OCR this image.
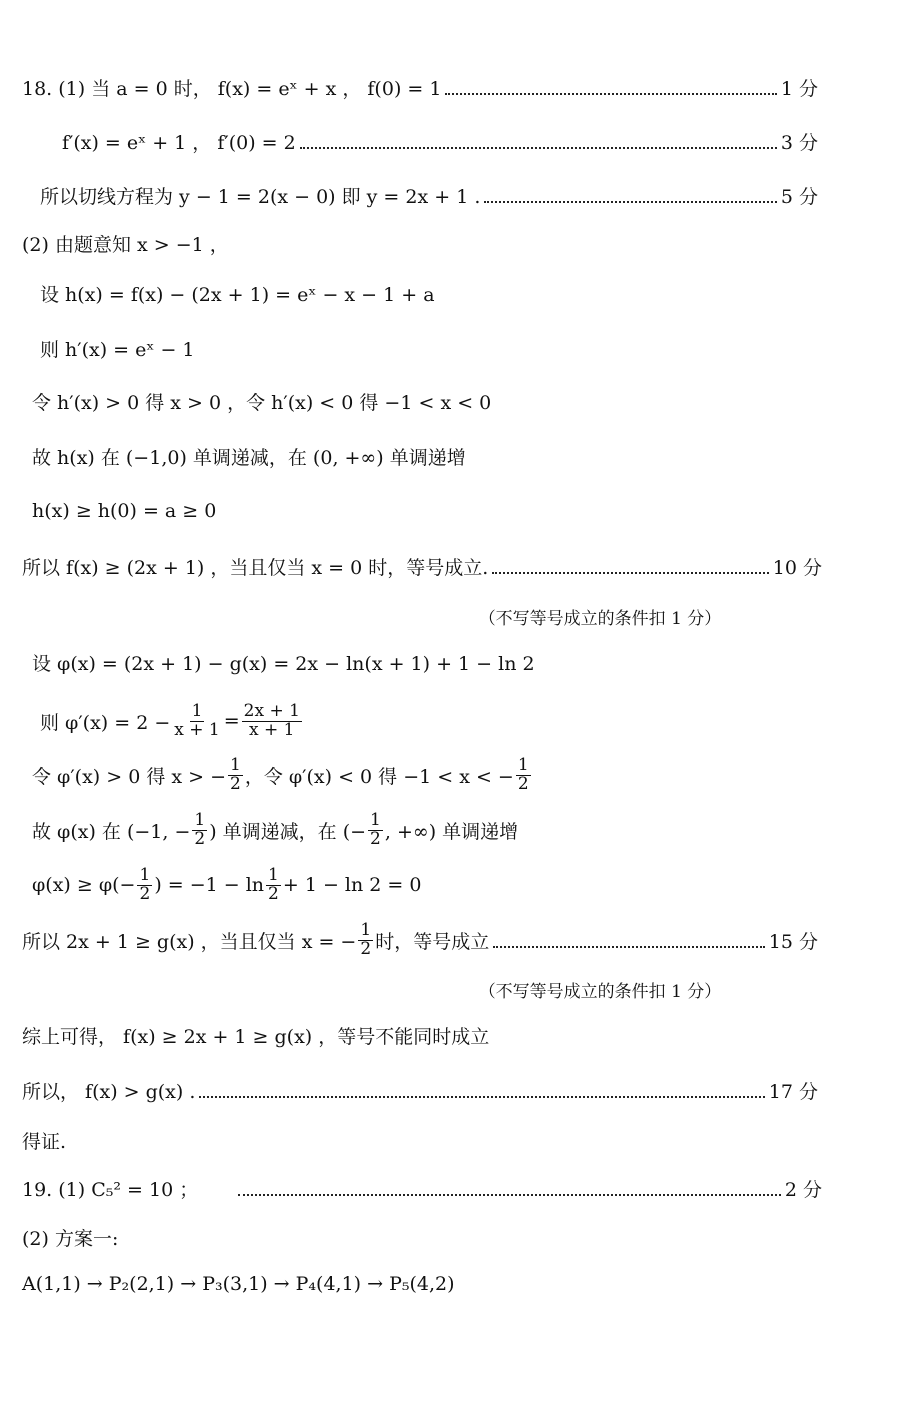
18. (1) 当 a = 0 时， f(x) = eˣ + x ， f(0) = 1	1 分
f′(x) = eˣ + 1 ， f′(0) = 2	3 分
所以切线方程为 y − 1 = 2(x − 0) 即 y = 2x + 1 .	5 分
(2) 由题意知 x > −1 ，
设 h(x) = f(x) − (2x + 1) = eˣ − x − 1 + a
则 h′(x) = eˣ − 1
令 h′(x) > 0 得 x > 0 ，令 h′(x) < 0 得 −1 < x < 0
故 h(x) 在 (−1,0) 单调递减，在 (0, +∞) 单调递增
h(x) ≥ h(0) = a ≥ 0
所以 f(x) ≥ (2x + 1) ，当且仅当 x = 0 时，等号成立.	10 分
（不写等号成立的条件扣 1 分）
设 φ(x) = (2x + 1) − g(x) = 2x − ln(x + 1) + 1 − ln 2
则 $\varphi'(x) = 2 - \frac{1}{x + 1} = \frac{2x + 1}{x + 1}$
令 φ′(x) > 0 得 x > − $\frac{1}{2}$ ，令 φ′(x) < 0 得 −1 < x < − $\frac{1}{2}$
故 φ(x) 在 (−1, − $\frac{1}{2}$ ) 单调递减，在 (− $\frac{1}{2}$ , +∞) 单调递增
$\varphi(x) \ge \varphi(- \frac{1}{2}$ ) = $-1 - \ln \frac{1}{2} + 1 - \ln 2 = 0$
所以 2x + 1 ≥ g(x) ，当且仅当 x = − $\frac{1}{2}$ 时，等号成立	15 分
（不写等号成立的条件扣 1 分）
综上可得， f(x) ≥ 2x + 1 ≥ g(x) ，等号不能同时成立
所以， f(x) > g(x) .	17 分
得证.
19. (1) C₅² = 10 ；	2 分
(2) 方案一:
A(1,1) → P₂(2,1) → P₃(3,1) → P₄(4,1) → P₅(4,2)
